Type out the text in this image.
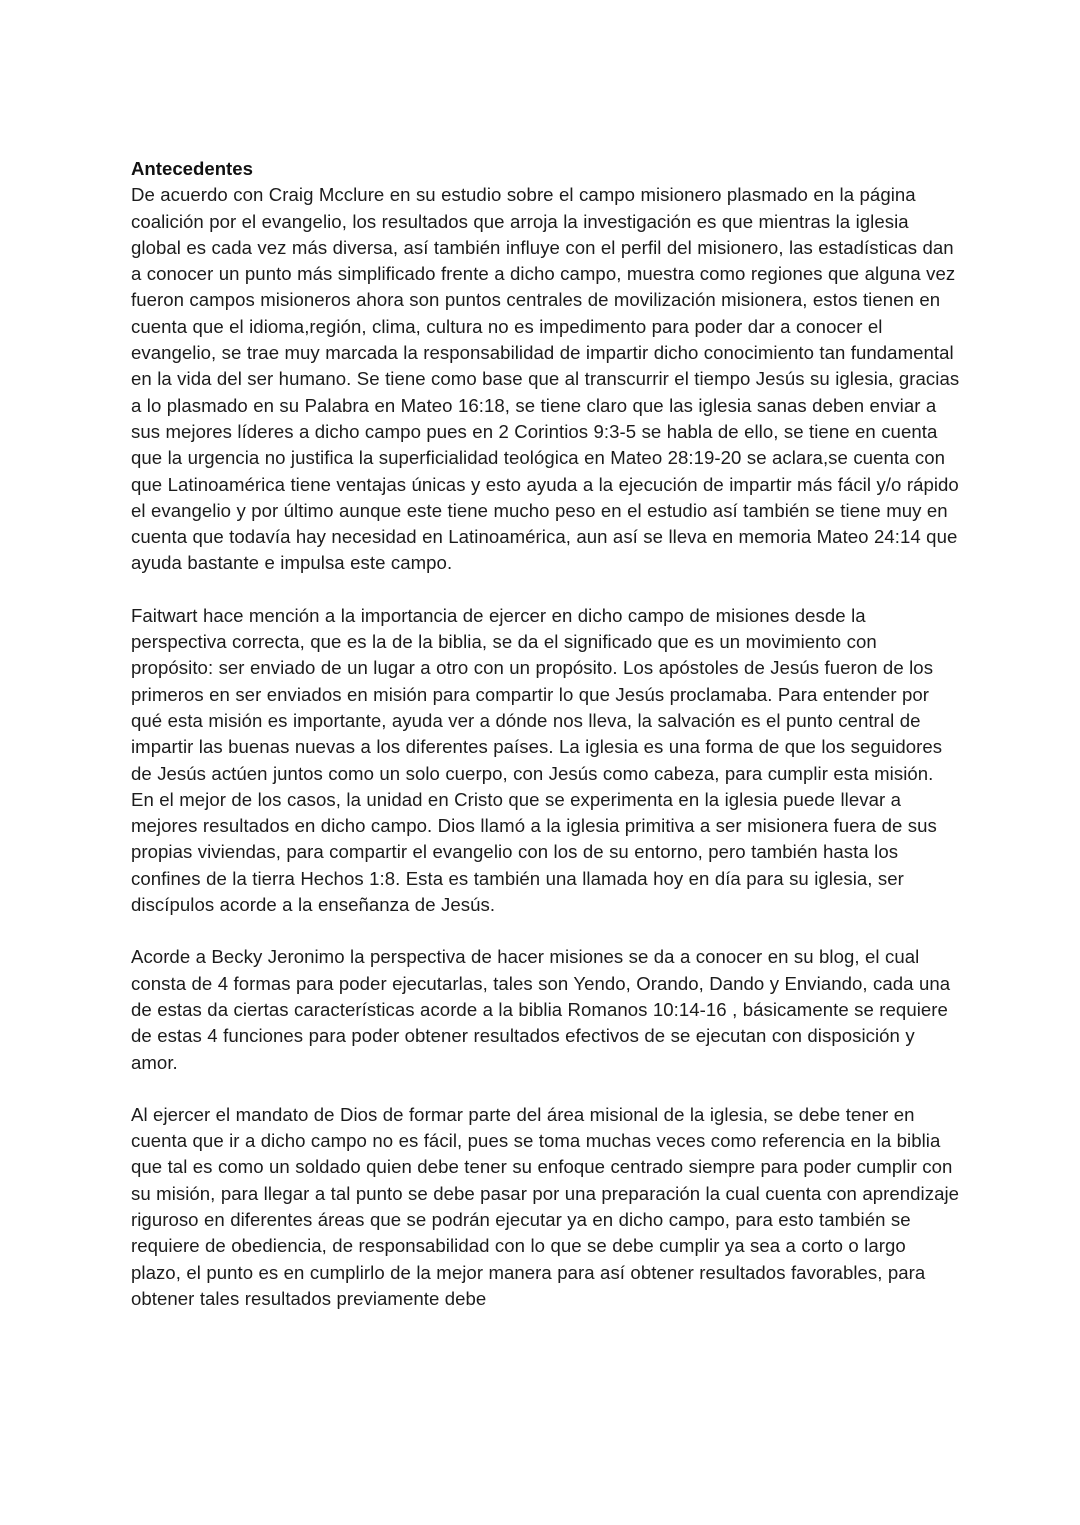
Antecedentes

De acuerdo con Craig Mcclure en su estudio sobre el campo misionero plasmado en la página coalición por el evangelio, los resultados que arroja la investigación es que mientras la iglesia global es cada vez más diversa, así también influye con el perfil del misionero, las estadísticas dan a conocer un punto más simplificado frente a dicho campo, muestra como regiones que alguna vez fueron campos misioneros ahora son puntos centrales de movilización misionera, estos tienen en cuenta que el idioma,región, clima, cultura no es impedimento para poder dar a conocer el evangelio, se trae muy marcada la responsabilidad de impartir dicho conocimiento tan fundamental en la vida del ser humano. Se tiene como base que al transcurrir el tiempo Jesús su iglesia, gracias a lo plasmado en su Palabra en Mateo 16:18, se tiene claro que las iglesia sanas deben enviar a sus mejores líderes a dicho campo pues en 2 Corintios 9:3-5 se habla de ello, se tiene en cuenta que la urgencia no justifica la superficialidad teológica en Mateo 28:19-20 se aclara,se cuenta con que Latinoamérica tiene ventajas únicas y esto ayuda a la ejecución de impartir más fácil y/o rápido el evangelio y por último aunque este tiene mucho peso en el estudio así también se tiene muy en cuenta que todavía hay necesidad en Latinoamérica, aun así se lleva en memoria Mateo 24:14 que ayuda bastante e impulsa este campo.

Faitwart hace mención a la importancia de ejercer en dicho campo de misiones desde la perspectiva correcta, que es la de la biblia, se da el significado que es un movimiento con propósito: ser enviado de un lugar a otro con un propósito. Los apóstoles de Jesús fueron de los primeros en ser enviados en misión para compartir lo que Jesús proclamaba. Para entender por qué esta misión es importante, ayuda ver a dónde nos lleva, la salvación es el punto central de impartir las buenas nuevas a los diferentes países. La iglesia es una forma de que los seguidores de Jesús actúen juntos como un solo cuerpo, con Jesús como cabeza, para cumplir esta misión. En el mejor de los casos, la unidad en Cristo que se experimenta en la iglesia puede llevar a mejores resultados en dicho campo. Dios llamó a la iglesia primitiva a ser misionera fuera de sus propias viviendas, para compartir el evangelio con los de su entorno, pero también hasta los confines de la tierra Hechos 1:8. Esta es también una llamada hoy en día para su iglesia, ser discípulos acorde a la enseñanza de Jesús.

Acorde a Becky Jeronimo la perspectiva de hacer misiones se da a conocer en su blog, el cual consta de 4 formas para poder ejecutarlas, tales son Yendo, Orando, Dando y Enviando, cada una de estas da ciertas características acorde a la biblia Romanos 10:14-16 , básicamente se requiere de estas 4 funciones para poder obtener resultados efectivos de se ejecutan con disposición y amor.

Al ejercer el mandato de Dios de formar parte del área misional de la iglesia, se debe tener en cuenta que ir a dicho campo no es fácil, pues se toma muchas veces como referencia en la biblia que tal es como un soldado quien debe tener su enfoque centrado siempre para poder cumplir con su misión, para llegar a tal punto se debe pasar por una preparación la cual cuenta con aprendizaje riguroso en diferentes áreas que se podrán ejecutar ya en dicho campo, para esto también se requiere de obediencia, de responsabilidad con lo que se debe cumplir ya sea a corto o largo plazo, el punto es en cumplirlo de la mejor manera para así obtener resultados favorables, para obtener tales resultados previamente debe
